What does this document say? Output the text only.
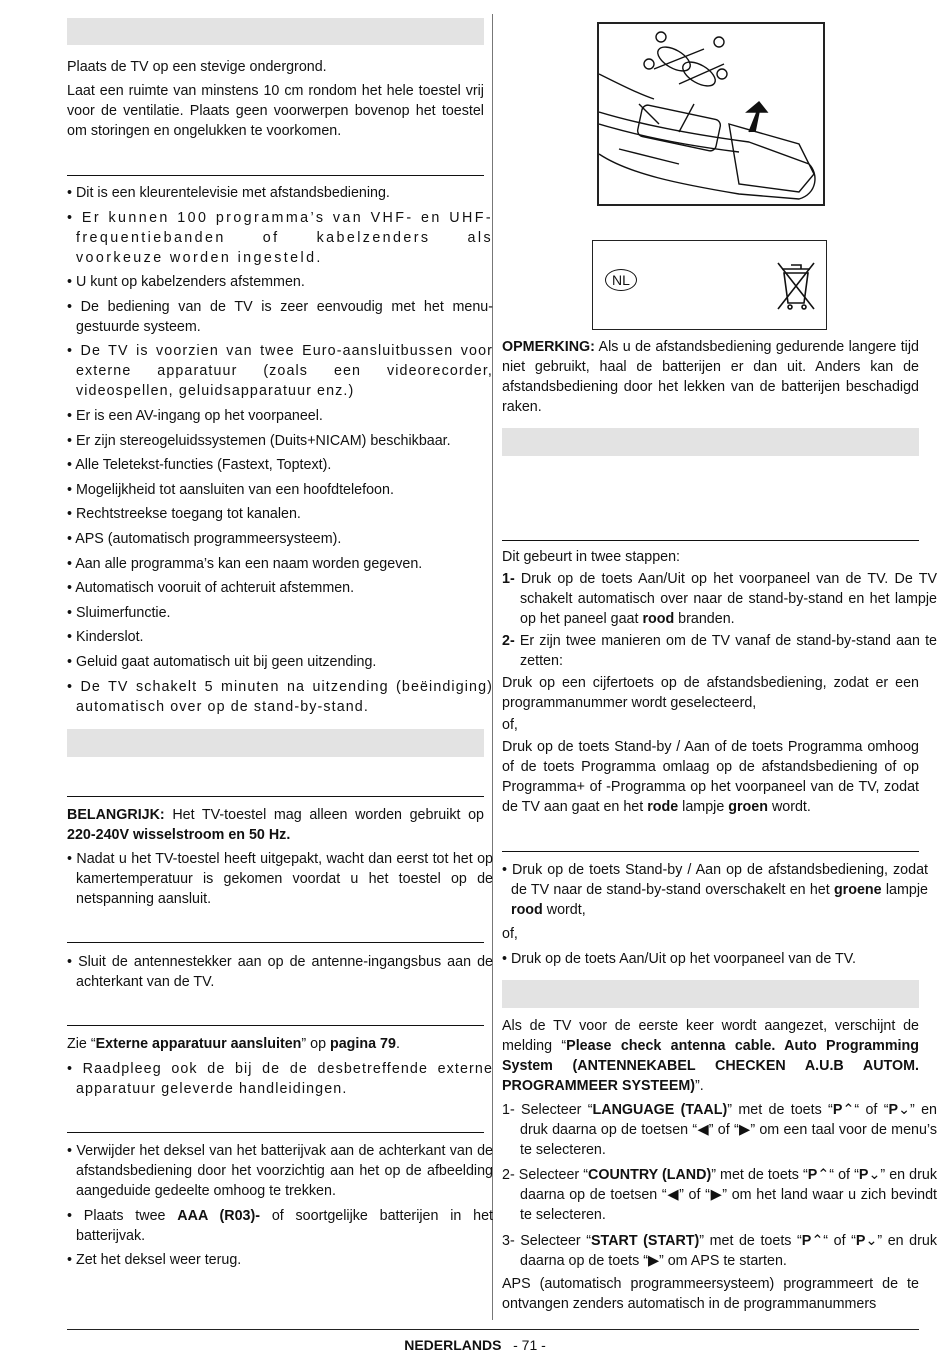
Plaats de TV op een stevige ondergrond.
Laat een ruimte van minstens 10 cm rondom het hele toestel vrij voor de ventilatie. Plaats geen voorwerpen bovenop het toestel om storingen en ongelukken te voorkomen.
• Dit is een kleurentelevisie met afstandsbediening.
• Er kunnen 100 programma’s van VHF- en UHF-frequentiebanden of kabelzenders als voorkeuze worden ingesteld.
• U kunt op kabelzenders afstemmen.
• De bediening van de TV is zeer eenvoudig met het menu-gestuurde systeem.
• De TV is voorzien van twee Euro-aansluitbussen voor externe apparatuur (zoals een videorecorder, videospellen, geluidsapparatuur enz.)
• Er is een AV-ingang op het voorpaneel.
• Er zijn stereogeluidssystemen (Duits+NICAM) beschikbaar.
• Alle Teletekst-functies (Fastext, Toptext).
• Mogelijkheid tot aansluiten van een hoofdtelefoon.
• Rechtstreekse toegang tot kanalen.
• APS (automatisch programmeersysteem).
• Aan alle programma’s kan een naam worden gegeven.
• Automatisch vooruit of achteruit afstemmen.
• Sluimerfunctie.
• Kinderslot.
• Geluid gaat automatisch uit bij geen uitzending.
• De TV schakelt 5 minuten na uitzending (beëindiging) automatisch over op de stand-by-stand.
BELANGRIJK: Het TV-toestel mag alleen worden gebruikt op 220-240V wisselstroom en 50 Hz.
• Nadat u het TV-toestel heeft uitgepakt, wacht dan eerst tot het op kamertemperatuur is gekomen voordat u het toestel op de netspanning aansluit.
• Sluit de antennestekker aan op de antenne-ingangsbus aan de achterkant van de TV.
Zie “Externe apparatuur aansluiten” op pagina 79.
• Raadpleeg ook de bij de de desbetreffende externe apparatuur geleverde handleidingen.
• Verwijder het deksel van het batterijvak aan de achterkant van de afstandsbediening door het voorzichtig aan het op de afbeelding aangeduide gedeelte omhoog te trekken.
• Plaats twee AAA (R03)- of soortgelijke batterijen in het batterijvak.
• Zet het deksel weer terug.
NL
OPMERKING: Als u de afstandsbediening gedurende langere tijd niet gebruikt, haal de batterijen er dan uit. Anders kan de afstandsbediening door het lekken van de batterijen beschadigd raken.
Dit gebeurt in twee stappen:
1- Druk op de toets Aan/Uit op het voorpaneel van de TV. De TV schakelt automatisch over naar de stand-by-stand en het lampje op het paneel gaat rood branden.
2- Er zijn twee manieren om de TV vanaf de stand-by-stand aan te zetten:
Druk op een cijfertoets op de afstandsbediening, zodat er een programmanummer wordt geselecteerd,
of,
Druk op de toets Stand-by / Aan of de toets Programma omhoog of de toets Programma omlaag op de afstandsbediening of op Programma+ of -Programma op het voorpaneel van de TV, zodat de TV aan gaat en het rode lampje groen wordt.
• Druk op de toets Stand-by / Aan op de afstandsbediening, zodat de TV naar de stand-by-stand overschakelt en het groene lampje rood wordt,
of,
• Druk op de toets Aan/Uit op het voorpaneel van de TV.
Als de TV voor de eerste keer wordt aangezet, verschijnt de melding “Please check antenna cable. Auto Programming System (ANTENNEKABEL CHECKEN A.U.B AUTOM. PROGRAMMEER SYSTEEM)”.
1- Selecteer “LANGUAGE (TAAL)” met de toets “P⌃“ of “P⌄” en druk daarna op de toetsen “◀” of “▶” om een taal voor de menu’s te selecteren.
2- Selecteer “COUNTRY (LAND)” met de toets “P⌃“ of “P⌄” en druk daarna op de toetsen “◀” of “▶” om het land waar u zich bevindt te selecteren.
3- Selecteer “START (START)” met de toets “P⌃“ of “P⌄” en druk daarna op de toets “▶” om APS te starten.
APS (automatisch programmeersysteem) programmeert de te ontvangen zenders automatisch in de programmanummers
NEDERLANDS - 71 -
